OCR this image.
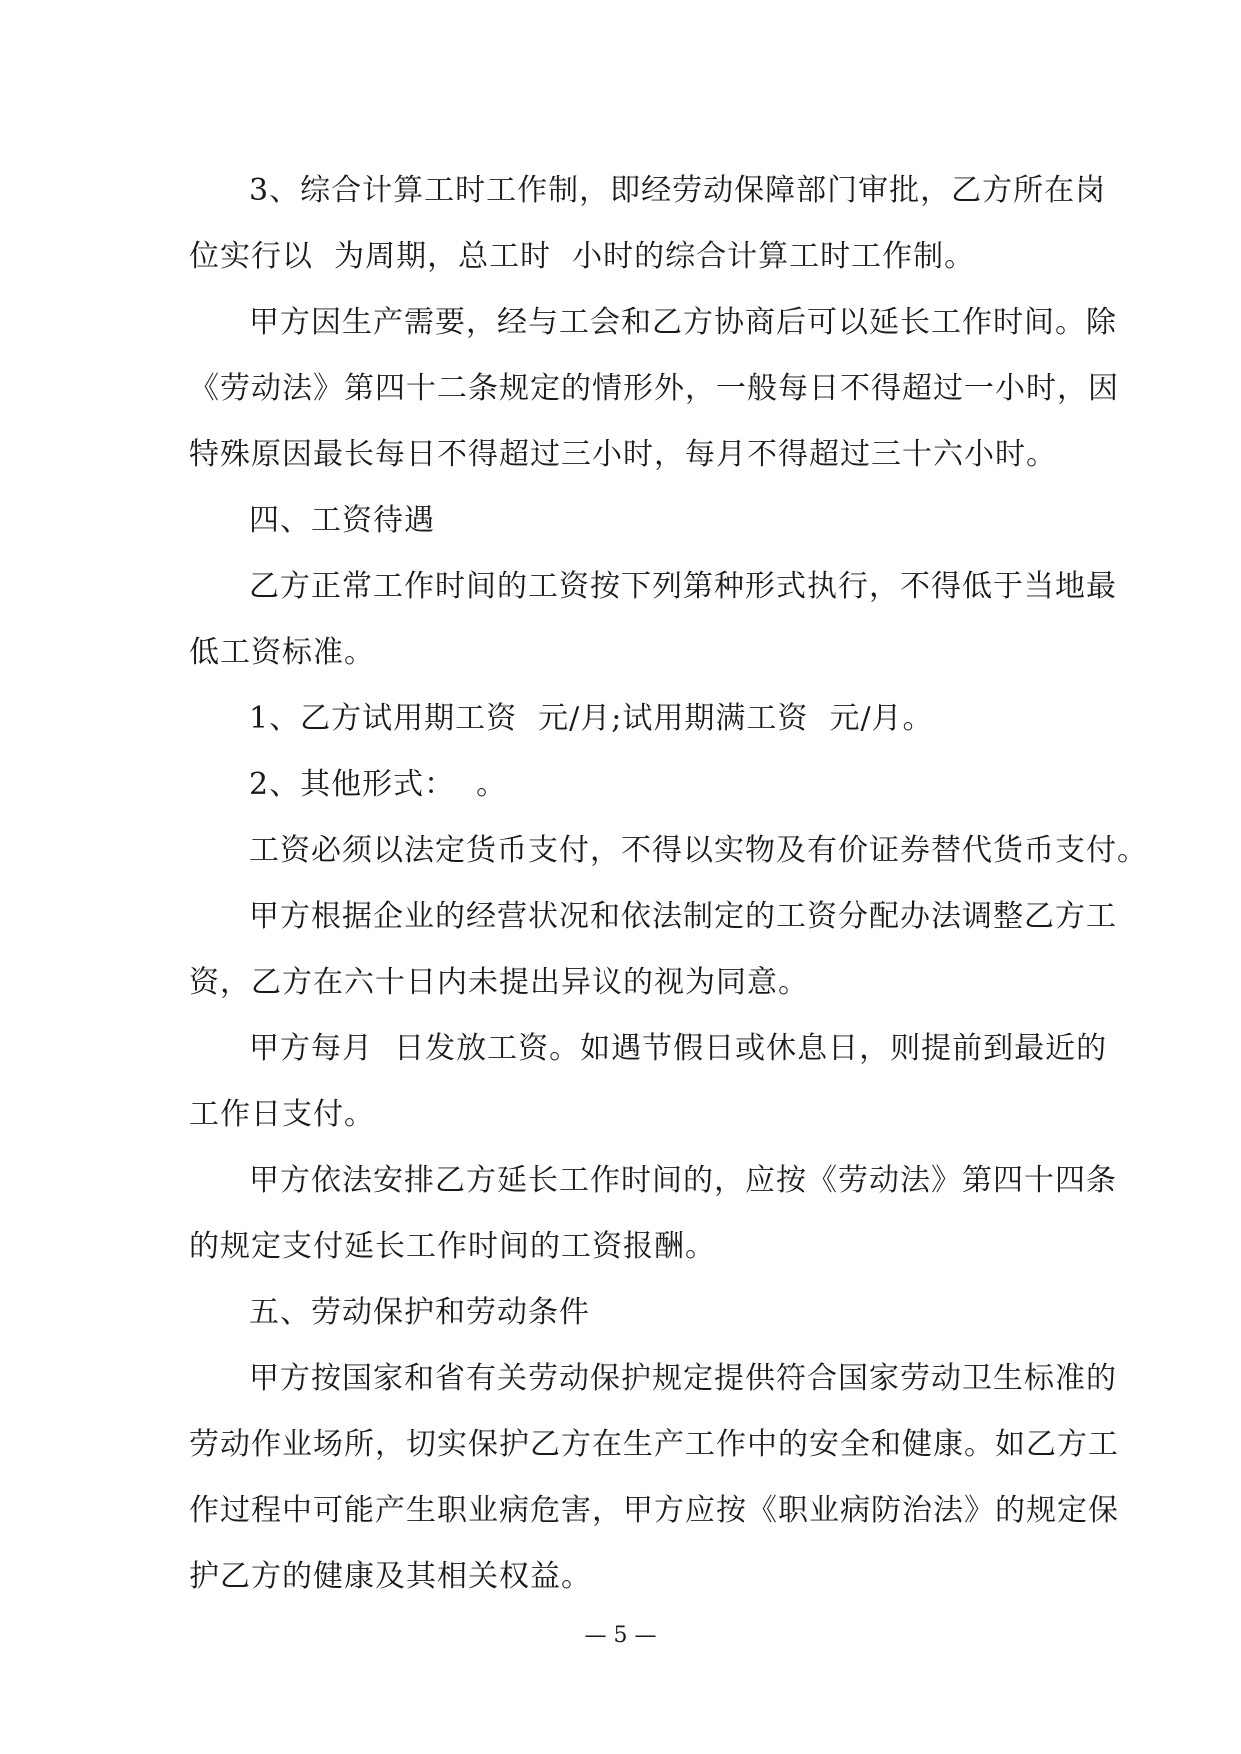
3、综合计算工时工作制，即经劳动保障部门审批，乙方所在岗
位实行以  为周期，总工时  小时的综合计算工时工作制。
甲方因生产需要，经与工会和乙方协商后可以延长工作时间。除
《劳动法》第四十二条规定的情形外，一般每日不得超过一小时，因
特殊原因最长每日不得超过三小时，每月不得超过三十六小时。
四、工资待遇
乙方正常工作时间的工资按下列第种形式执行，不得低于当地最
低工资标准。
1、乙方试用期工资  元/月;试用期满工资  元/月。
2、其他形式：  。
工资必须以法定货币支付，不得以实物及有价证券替代货币支付。
甲方根据企业的经营状况和依法制定的工资分配办法调整乙方工
资，乙方在六十日内未提出异议的视为同意。
甲方每月  日发放工资。如遇节假日或休息日，则提前到最近的
工作日支付。
甲方依法安排乙方延长工作时间的，应按《劳动法》第四十四条
的规定支付延长工作时间的工资报酬。
五、劳动保护和劳动条件
甲方按国家和省有关劳动保护规定提供符合国家劳动卫生标准的
劳动作业场所，切实保护乙方在生产工作中的安全和健康。如乙方工
作过程中可能产生职业病危害，甲方应按《职业病防治法》的规定保
护乙方的健康及其相关权益。
— 5 —
